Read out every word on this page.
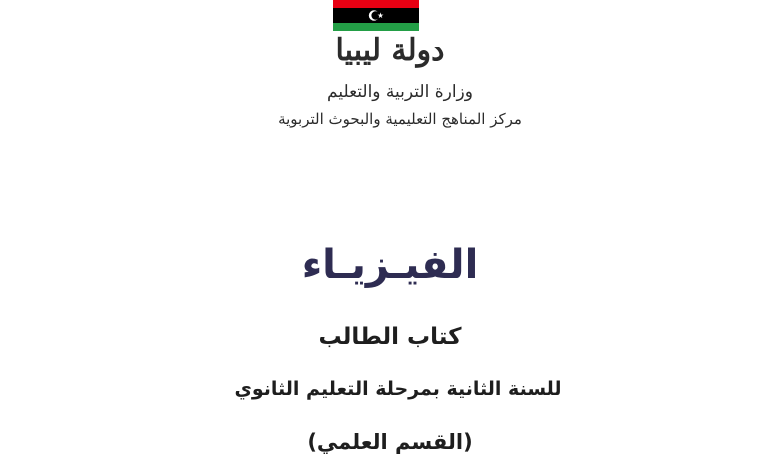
دولة ليبيا
وزارة التربية والتعليم
مركز المناهج التعليمية والبحوث التربوية
الفيـزيـاء
كتاب الطالب
للسنة الثانية بمرحلة التعليم الثانوي
(القسم العلمي)
